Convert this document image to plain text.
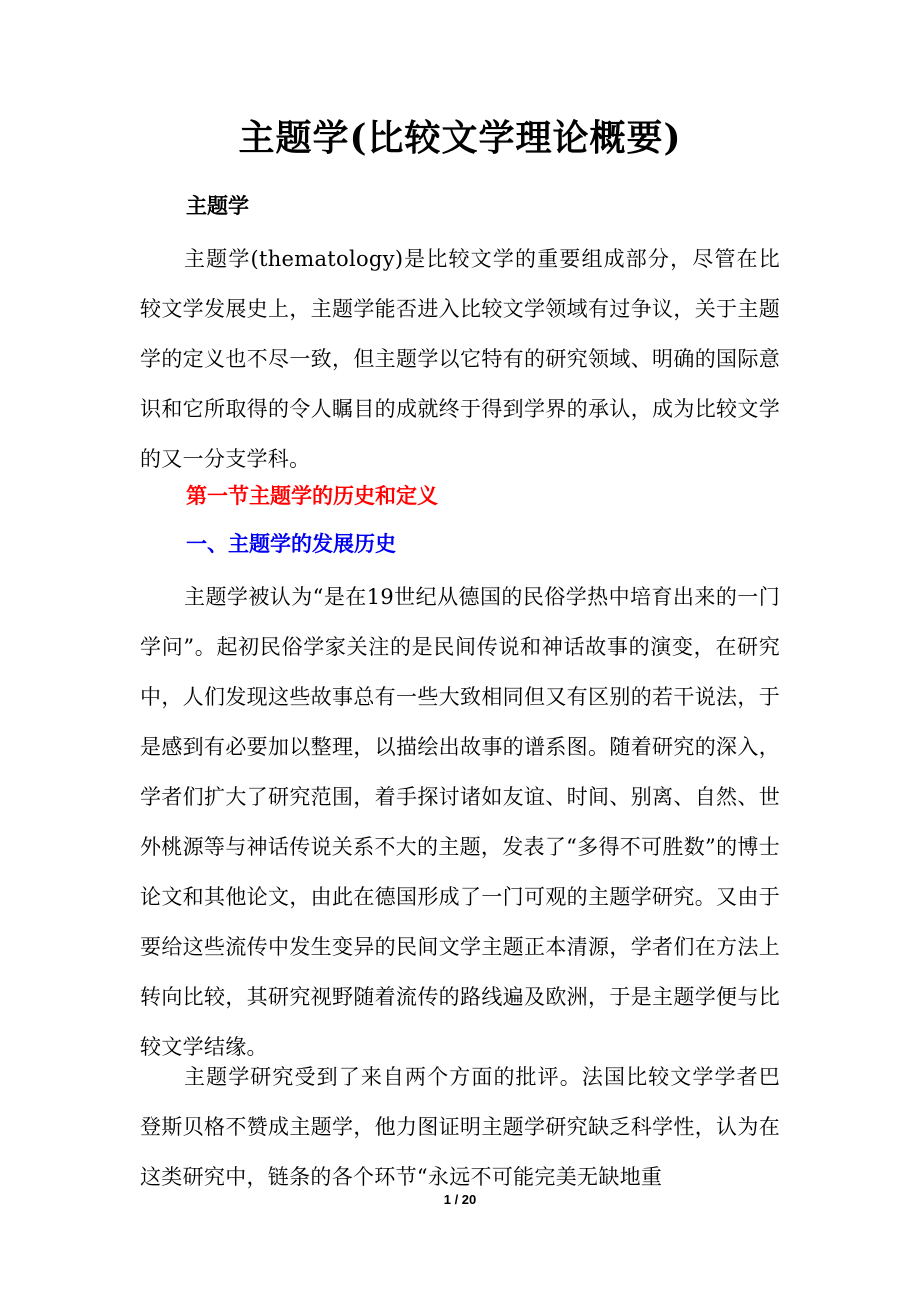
主题学(比较文学理论概要)
主题学

主题学(thematology)是比较文学的重要组成部分，尽管在比较文学发展史上，主题学能否进入比较文学领域有过争议，关于主题学的定义也不尽一致，但主题学以它特有的研究领域、明确的国际意识和它所取得的令人瞩目的成就终于得到学界的承认，成为比较文学的又一分支学科。

第一节主题学的历史和定义
一、主题学的发展历史

主题学被认为“是在19世纪从德国的民俗学热中培育出来的一门学问”。起初民俗学家关注的是民间传说和神话故事的演变，在研究中，人们发现这些故事总有一些大致相同但又有区别的若干说法，于是感到有必要加以整理，以描绘出故事的谱系图。随着研究的深入，学者们扩大了研究范围，着手探讨诸如友谊、时间、别离、自然、世外桃源等与神话传说关系不大的主题，发表了“多得不可胜数”的博士论文和其他论文，由此在德国形成了一门可观的主题学研究。又由于要给这些流传中发生变异的民间文学主题正本清源，学者们在方法上转向比较，其研究视野随着流传的路线遍及欧洲，于是主题学便与比较文学结缘。

主题学研究受到了来自两个方面的批评。法国比较文学学者巴登斯贝格不赞成主题学，他力图证明主题学研究缺乏科学性，认为在这类研究中，链条的各个环节“永远不可能完美无缺地重

1 / 20
